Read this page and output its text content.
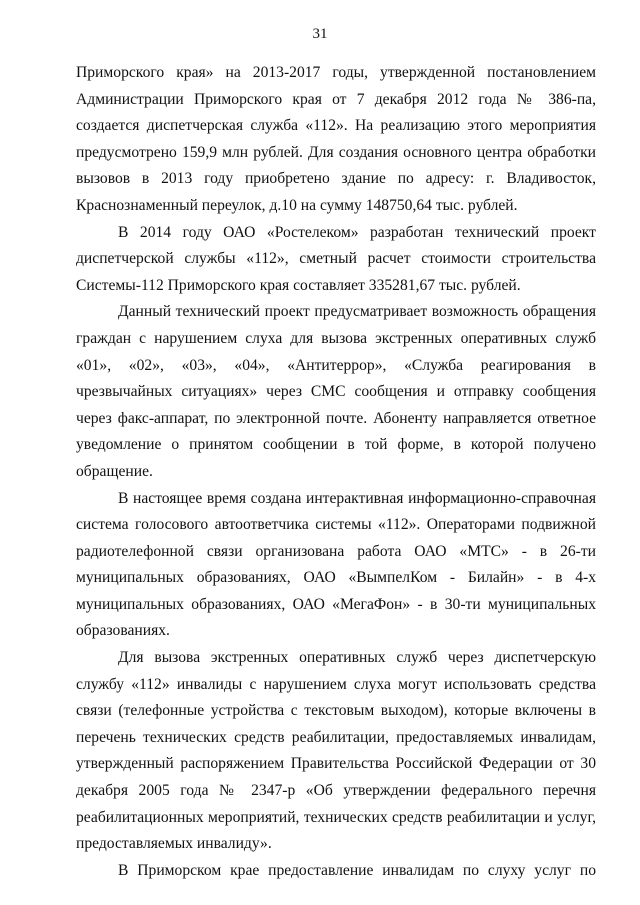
31

Приморского края» на 2013-2017 годы, утвержденной постановлением Администрации Приморского края от 7 декабря 2012 года № 386-па, создается диспетчерская служба «112». На реализацию этого мероприятия предусмотрено 159,9 млн рублей. Для создания основного центра обработки вызовов в 2013 году приобретено здание по адресу: г. Владивосток, Краснознаменный переулок, д.10 на сумму 148750,64 тыс. рублей.

В 2014 году ОАО «Ростелеком» разработан технический проект диспетчерской службы «112», сметный расчет стоимости строительства Системы-112 Приморского края составляет 335281,67 тыс. рублей.

Данный технический проект предусматривает возможность обращения граждан с нарушением слуха для вызова экстренных оперативных служб «01», «02», «03», «04», «Антитеррор», «Служба реагирования в чрезвычайных ситуациях» через СМС сообщения и отправку сообщения через факс-аппарат, по электронной почте. Абоненту направляется ответное уведомление о принятом сообщении в той форме, в которой получено обращение.

В настоящее время создана интерактивная информационно-справочная система голосового автоответчика системы «112». Операторами подвижной радиотелефонной связи организована работа ОАО «МТС» - в 26-ти муниципальных образованиях, ОАО «ВымпелКом - Билайн» - в 4-х муниципальных образованиях, ОАО «МегаФон» - в 30-ти муниципальных образованиях.

Для вызова экстренных оперативных служб через диспетчерскую службу «112» инвалиды с нарушением слуха могут использовать средства связи (телефонные устройства с текстовым выходом), которые включены в перечень технических средств реабилитации, предоставляемых инвалидам, утвержденный распоряжением Правительства Российской Федерации от 30 декабря 2005 года № 2347-р «Об утверждении федерального перечня реабилитационных мероприятий, технических средств реабилитации и услуг, предоставляемых инвалиду».

В Приморском крае предоставление инвалидам по слуху услуг по
